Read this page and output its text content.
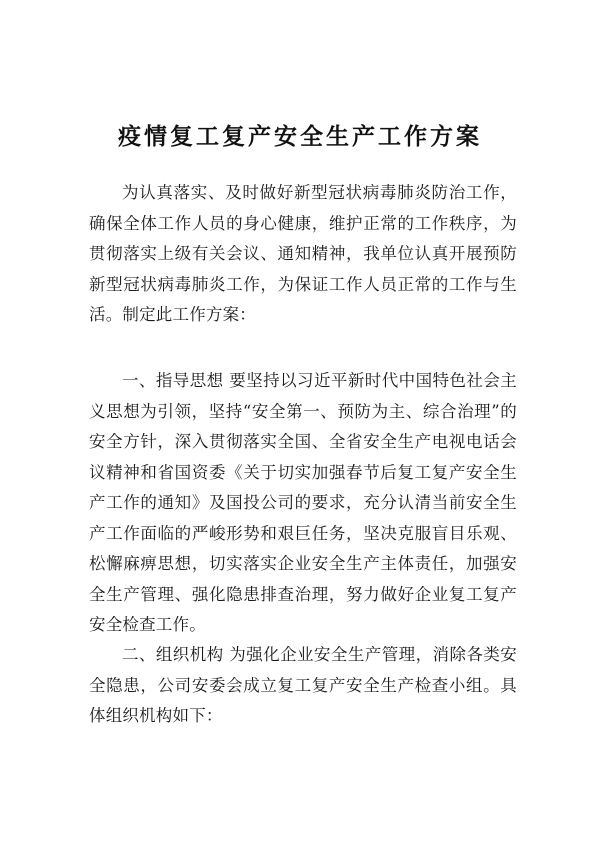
疫情复工复产安全生产工作方案

为认真落实、及时做好新型冠状病毒肺炎防治工作，确保全体工作人员的身心健康，维护正常的工作秩序，为贯彻落实上级有关会议、通知精神，我单位认真开展预防新型冠状病毒肺炎工作，为保证工作人员正常的工作与生活。制定此工作方案：

一、指导思想 要坚持以习近平新时代中国特色社会主义思想为引领，坚持“安全第一、预防为主、综合治理”的安全方针，深入贯彻落实全国、全省安全生产电视电话会议精神和省国资委《关于切实加强春节后复工复产安全生产工作的通知》及国投公司的要求，充分认清当前安全生产工作面临的严峻形势和艰巨任务，坚决克服盲目乐观、松懈麻痹思想，切实落实企业安全生产主体责任，加强安全生产管理、强化隐患排查治理，努力做好企业复工复产安全检查工作。

二、组织机构 为强化企业安全生产管理，消除各类安全隐患，公司安委会成立复工复产安全生产检查小组。具体组织机构如下：
